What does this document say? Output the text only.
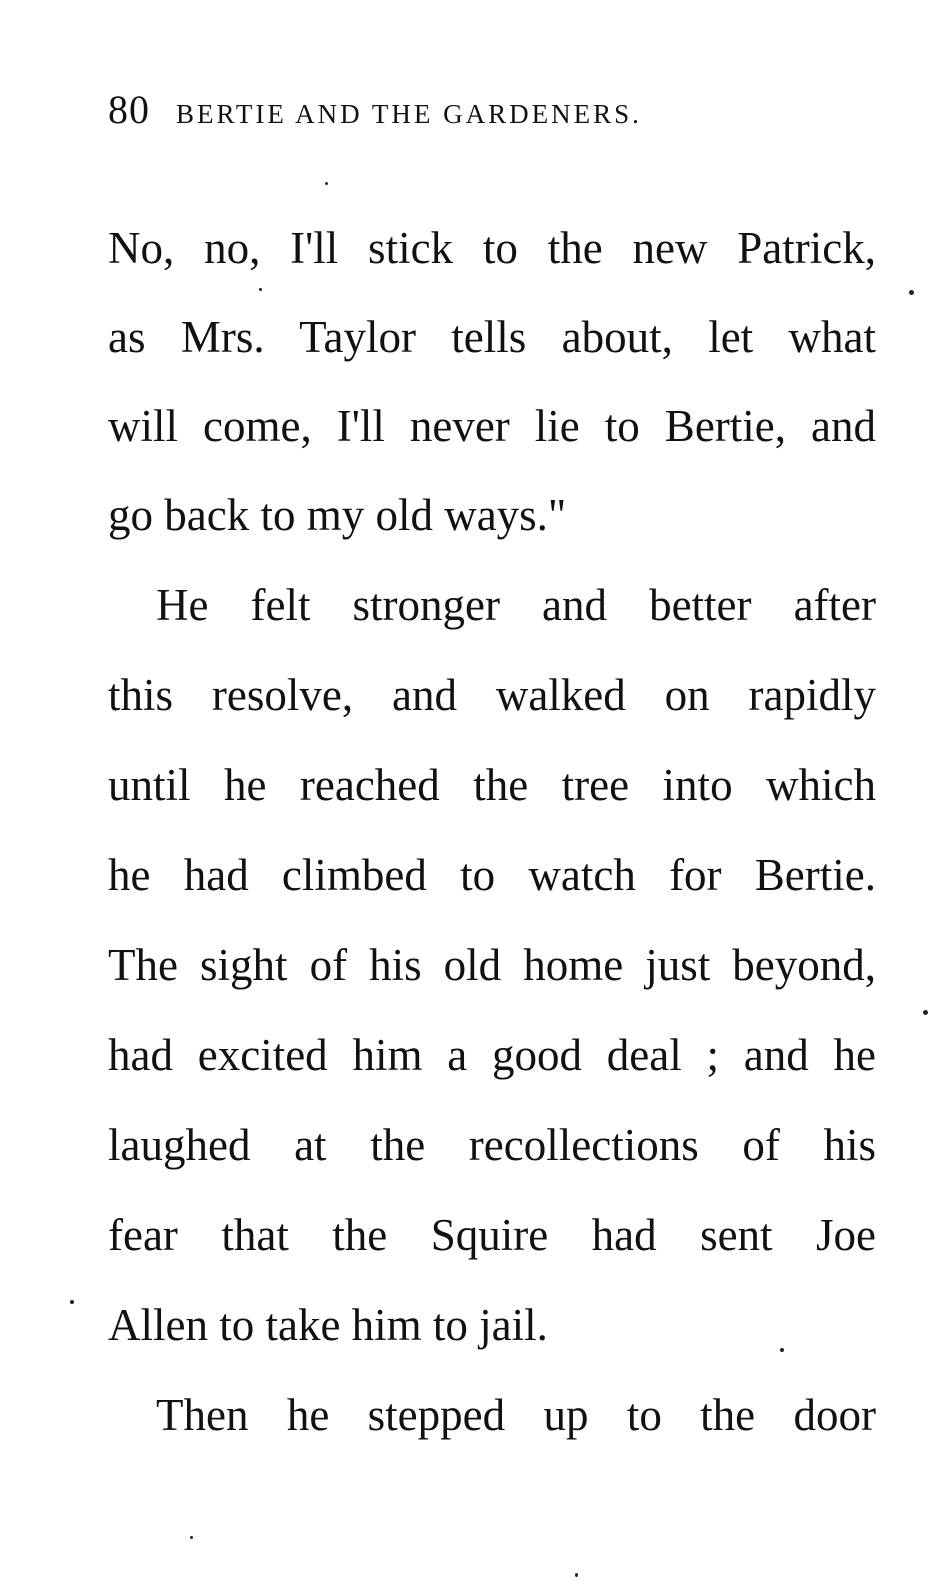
80 BERTIE AND THE GARDENERS.
No, no, I'll stick to the new Patrick,
as Mrs. Taylor tells about, let what
will come, I'll never lie to Bertie, and
go back to my old ways."
He felt stronger and better after
this resolve, and walked on rapidly
until he reached the tree into which
he had climbed to watch for Bertie.
The sight of his old home just beyond,
had excited him a good deal ; and he
laughed at the recollections of his
fear that the Squire had sent Joe
Allen to take him to jail.
Then he stepped up to the door
